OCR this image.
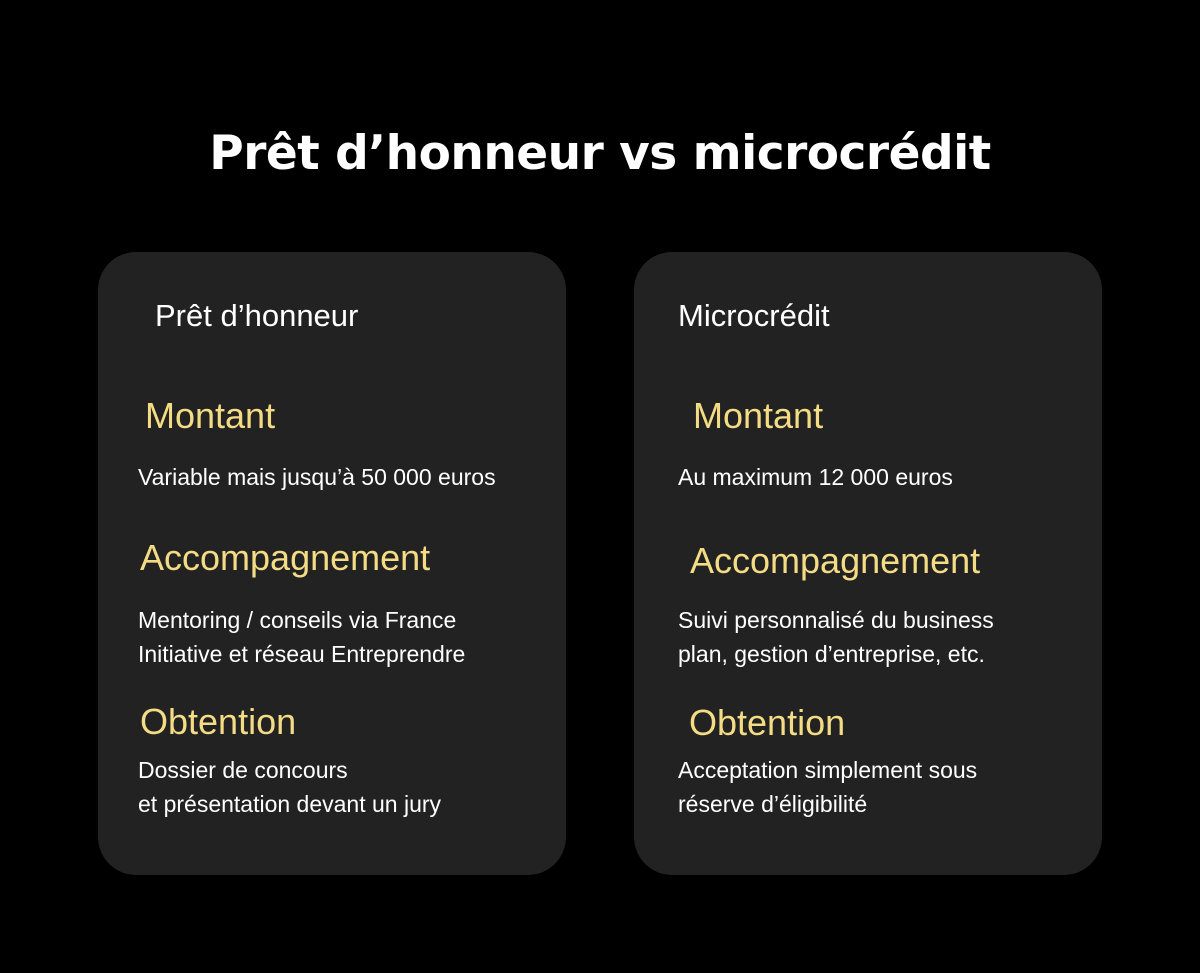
Prêt d’honneur vs microcrédit
Prêt d’honneur
Montant
Variable mais jusqu’à 50 000 euros
Accompagnement
Mentoring / conseils via France
Initiative et réseau Entreprendre
Obtention
Dossier de concours
et présentation devant un jury
Microcrédit
Montant
Au maximum 12 000 euros
Accompagnement
Suivi personnalisé du business
plan, gestion d’entreprise, etc.
Obtention
Acceptation simplement sous
réserve d’éligibilité
